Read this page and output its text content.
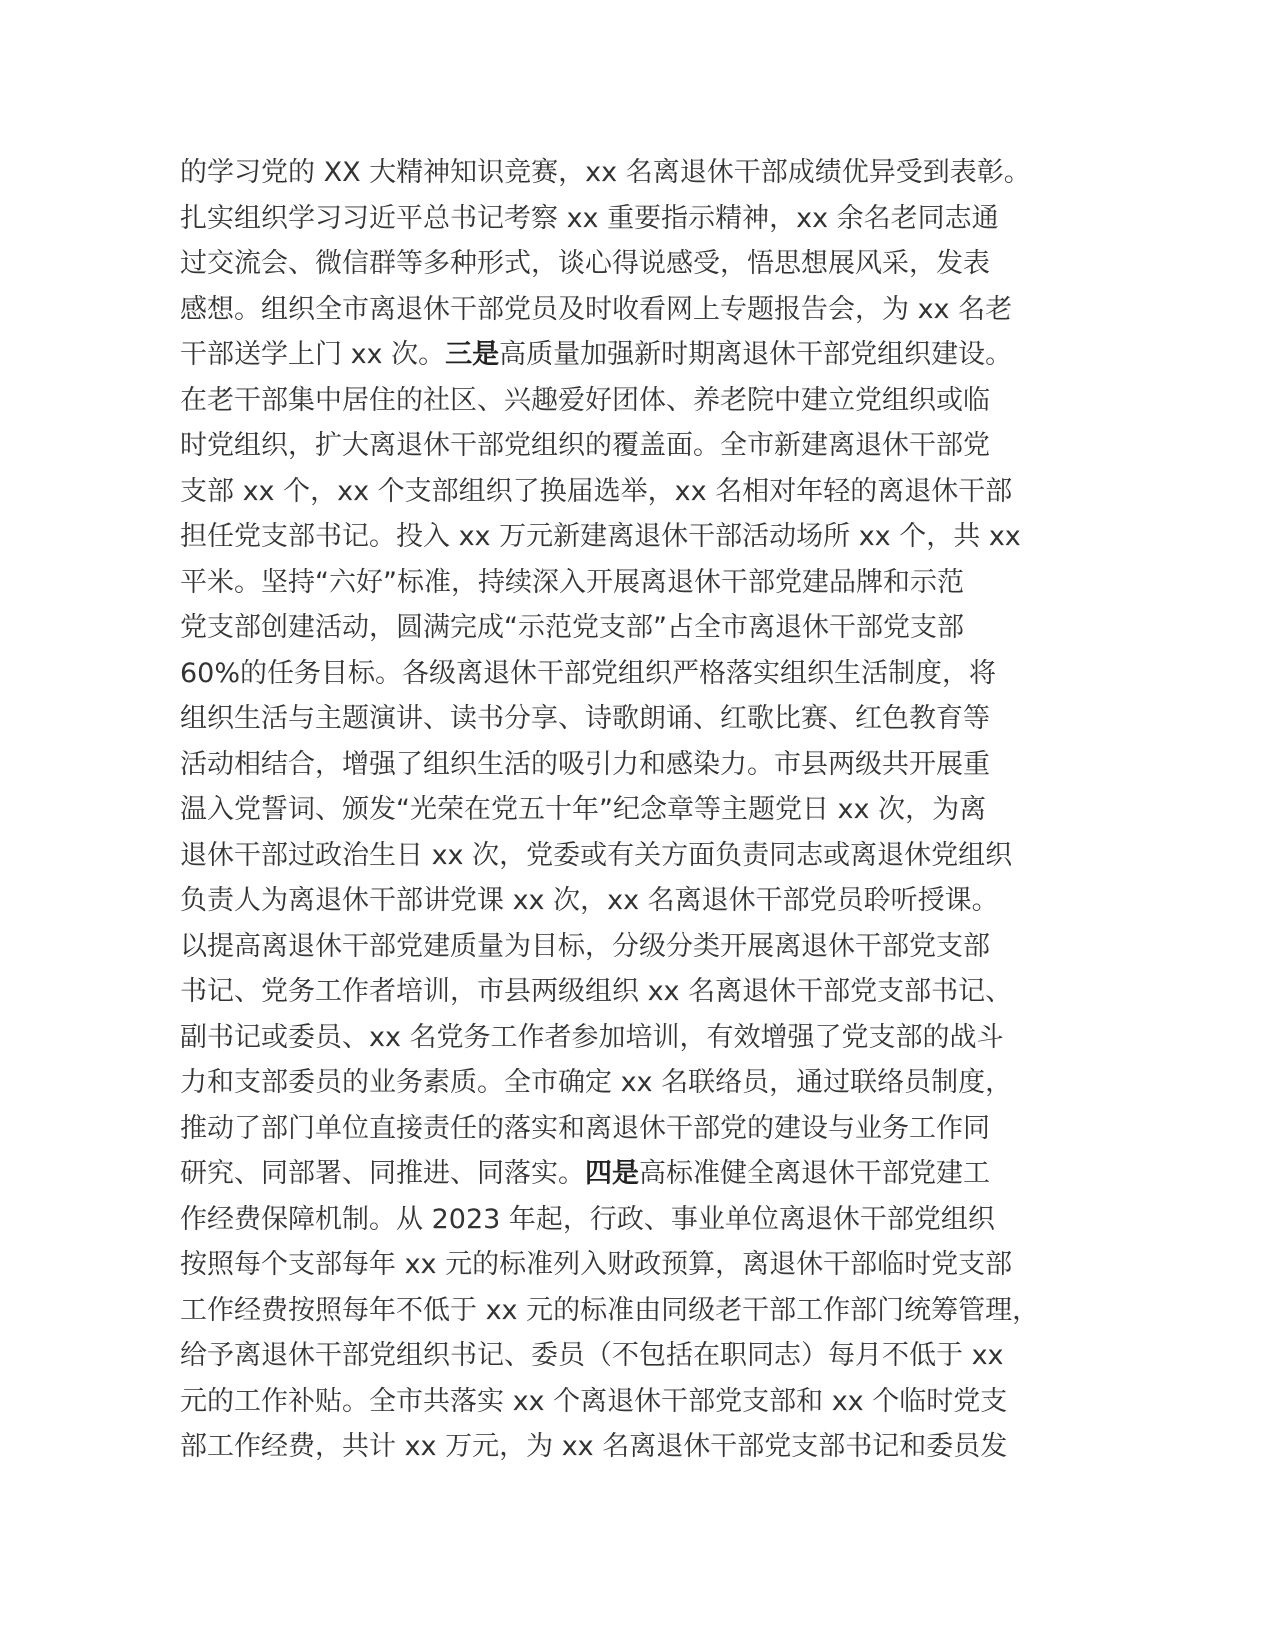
的学习党的 XX 大精神知识竞赛，xx 名离退休干部成绩优异受到表彰。
扎实组织学习习近平总书记考察 xx 重要指示精神，xx 余名老同志通
过交流会、微信群等多种形式，谈心得说感受，悟思想展风采，发表
感想。组织全市离退休干部党员及时收看网上专题报告会，为 xx 名老
干部送学上门 xx 次。三是高质量加强新时期离退休干部党组织建设。
在老干部集中居住的社区、兴趣爱好团体、养老院中建立党组织或临
时党组织，扩大离退休干部党组织的覆盖面。全市新建离退休干部党
支部 xx 个，xx 个支部组织了换届选举，xx 名相对年轻的离退休干部
担任党支部书记。投入 xx 万元新建离退休干部活动场所 xx 个，共 xx
平米。坚持“六好”标准，持续深入开展离退休干部党建品牌和示范
党支部创建活动，圆满完成“示范党支部”占全市离退休干部党支部
60%的任务目标。各级离退休干部党组织严格落实组织生活制度，将
组织生活与主题演讲、读书分享、诗歌朗诵、红歌比赛、红色教育等
活动相结合，增强了组织生活的吸引力和感染力。市县两级共开展重
温入党誓词、颁发“光荣在党五十年”纪念章等主题党日 xx 次，为离
退休干部过政治生日 xx 次，党委或有关方面负责同志或离退休党组织
负责人为离退休干部讲党课 xx 次，xx 名离退休干部党员聆听授课。
以提高离退休干部党建质量为目标，分级分类开展离退休干部党支部
书记、党务工作者培训，市县两级组织 xx 名离退休干部党支部书记、
副书记或委员、xx 名党务工作者参加培训，有效增强了党支部的战斗
力和支部委员的业务素质。全市确定 xx 名联络员，通过联络员制度，
推动了部门单位直接责任的落实和离退休干部党的建设与业务工作同
研究、同部署、同推进、同落实。四是高标准健全离退休干部党建工
作经费保障机制。从 2023 年起，行政、事业单位离退休干部党组织
按照每个支部每年 xx 元的标准列入财政预算，离退休干部临时党支部
工作经费按照每年不低于 xx 元的标准由同级老干部工作部门统筹管理，
给予离退休干部党组织书记、委员（不包括在职同志）每月不低于 xx
元的工作补贴。全市共落实 xx 个离退休干部党支部和 xx 个临时党支
部工作经费，共计 xx 万元，为 xx 名离退休干部党支部书记和委员发
